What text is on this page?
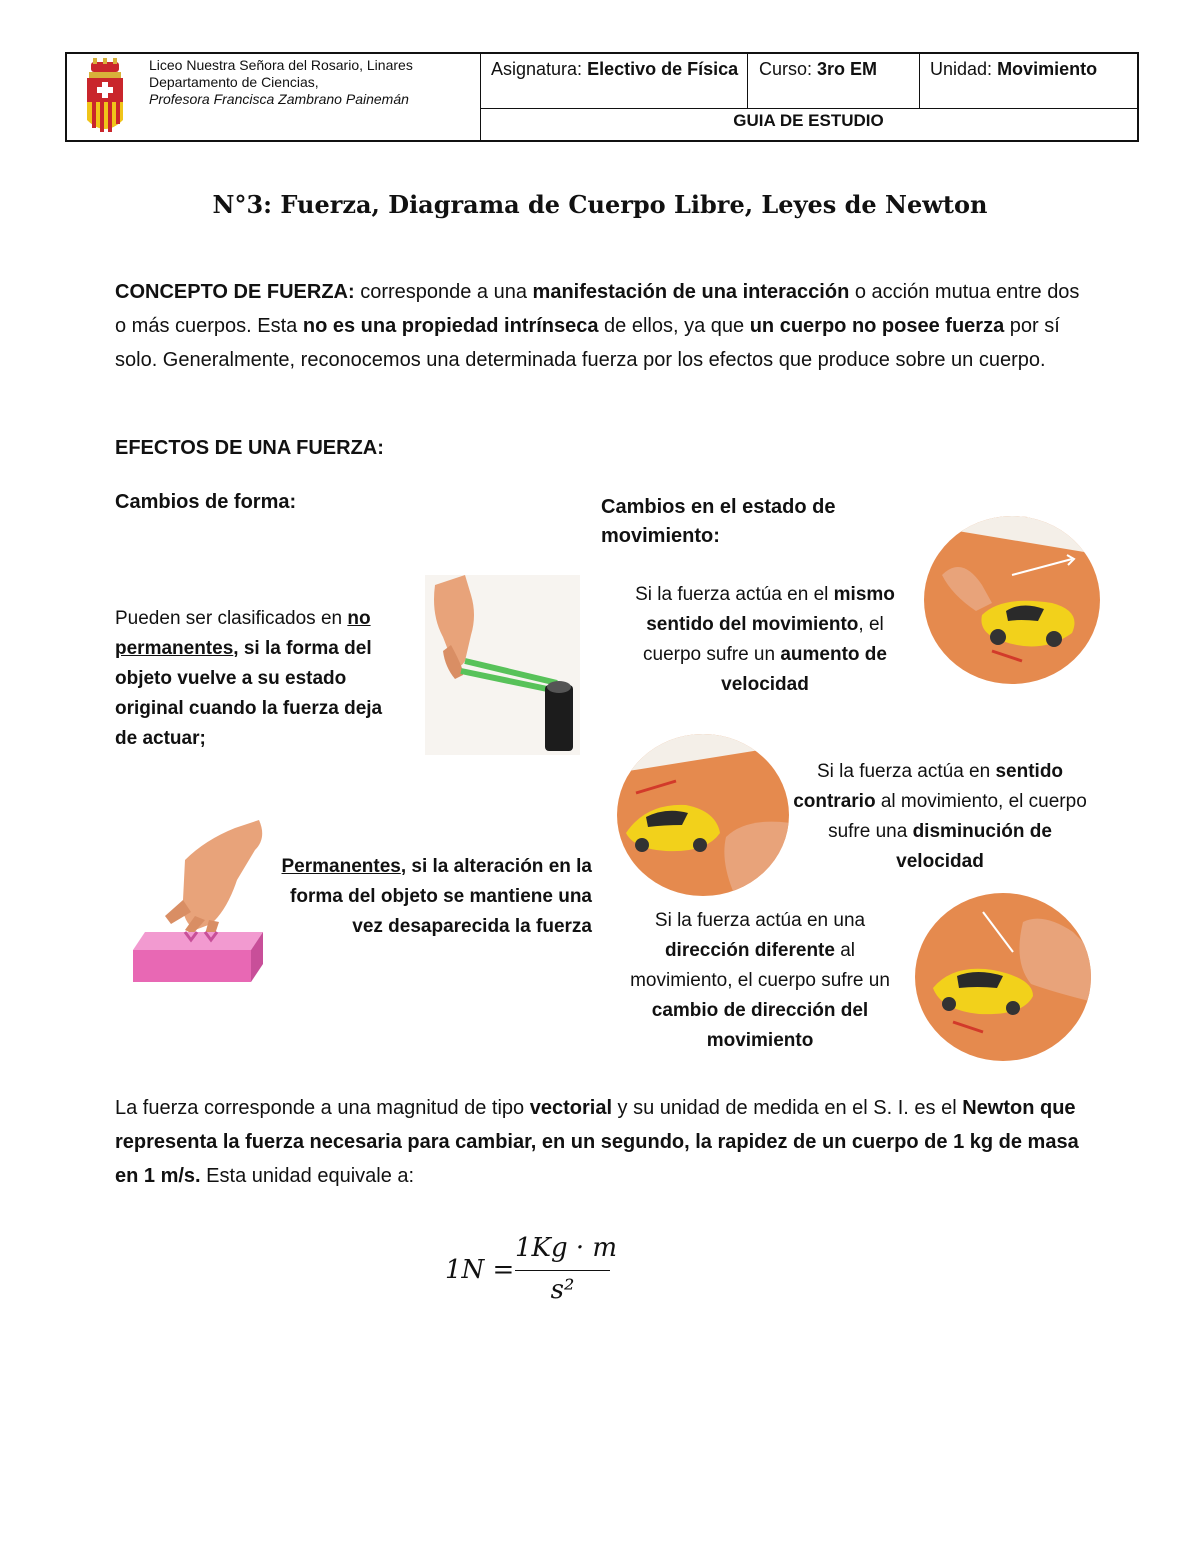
Liceo Nuestra Señora del Rosario, Linares
Departamento de Ciencias,
Profesora Francisca Zambrano Painemán
Asignatura: Electivo de Física Curso: 3ro EM	Unidad: Movimiento
GUIA DE ESTUDIO
N°3: Fuerza, Diagrama de Cuerpo Libre, Leyes de Newton
CONCEPTO DE FUERZA: corresponde a una manifestación de una interacción o acción mutua entre dos o más cuerpos. Esta no es una propiedad intrínseca de ellos, ya que un cuerpo no posee fuerza por sí solo. Generalmente, reconocemos una determinada fuerza por los efectos que produce sobre un cuerpo.
EFECTOS DE UNA FUERZA:
Cambios de forma:
Pueden ser clasificados en no permanentes, si la forma del objeto vuelve a su estado original cuando la fuerza deja de actuar;
Permanentes, si la alteración en la forma del objeto se mantiene una vez desaparecida la fuerza
Cambios en el estado de movimiento:
Si la fuerza actúa en el mismo sentido del movimiento, el cuerpo sufre un aumento de velocidad
Si la fuerza actúa en sentido contrario al movimiento, el cuerpo sufre una disminución de velocidad
Si la fuerza actúa en una dirección diferente al movimiento, el cuerpo sufre un cambio de dirección del movimiento
La fuerza corresponde a una magnitud de tipo vectorial y su unidad de medida en el S. I. es el Newton que representa la fuerza necesaria para cambiar, en un segundo, la rapidez de un cuerpo de 1 kg de masa en 1 m/s. Esta unidad equivale a:
1N =
1Kg · m
s²
